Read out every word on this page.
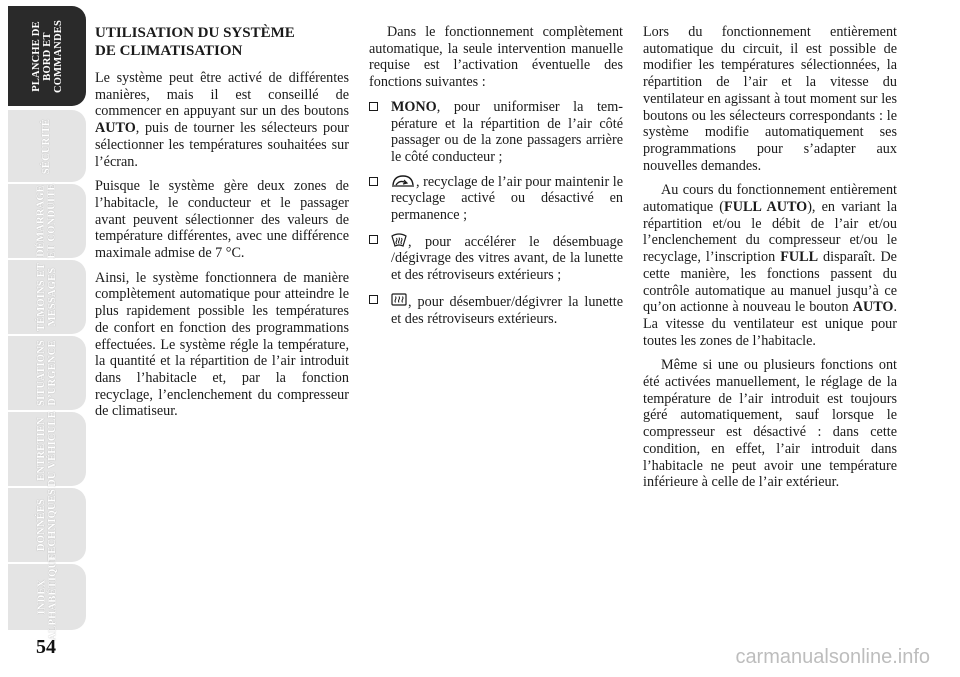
PLANCHE DE
BORD ET
COMMANDES
SÉCURITÉ
DÉMARRAGE
ET CONDUITE
TÉMOINS ET
MESSAGES
SITUATIONS
D’URGENCE
ENTRETIEN
DU VÉHICULE
DONNÉES
TECHNIQUES
INDEX
ALPHABÉTIQUE
54
UTILISATION DU SYSTÈME
DE CLIMATISATION

Le système peut être activé de différentes manières, mais il est conseillé de commencer en appuyant sur un des boutons AUTO, puis de tourner les sélecteurs pour sélectionner les températures souhaitées sur l’écran.

Puisque le système gère deux zones de l’habitacle, le conducteur et le passager avant peuvent sélectionner des valeurs de température différentes, avec une différence maximale admise de 7 °C.

Ainsi, le système fonctionnera de manière complètement automatique pour atteindre le plus rapidement possible les températures de confort en fonction des programmations effectuées. Le système régle la température, la quantité et la répartition de l’air introduit dans l’habitacle et, par la fonction recyclage, l’enclenchement du compresseur de climatiseur.

Dans le fonctionnement complètement automatique, la seule intervention manuelle requise est l’activation éventuelle des fonctions suivantes :

MONO, pour uniformiser la température et la répartition de l’air côté passager ou de la zone passagers arrière le côté conducteur ;
, recyclage de l’air pour maintenir le recyclage activé ou désactivé en permanence ;
, pour accélérer le désembuage /dégivrage des vitres avant, de la lunette et des rétroviseurs extérieurs ;
, pour désembuer/dégivrer la lunette et des rétroviseurs extérieurs.

Lors du fonctionnement entièrement automatique du circuit, il est possible de modifier les températures sélectionnées, la répartition de l’air et la vitesse du ventilateur en agissant à tout moment sur les boutons ou les sélecteurs correspondants : le système modifie automatiquement ses programmations pour s’adapter aux nouvelles demandes.

Au cours du fonctionnement entièrement automatique (FULL AUTO), en variant la répartition et/ou le débit de l’air et/ou l’enclenchement du compresseur et/ou le recyclage, l’inscription FULL disparaît. De cette manière, les fonctions passent du contrôle automatique au manuel jusqu’à ce qu’on actionne à nouveau le bouton AUTO. La vitesse du ventilateur est unique pour toutes les zones de l’habitacle.

Même si une ou plusieurs fonctions ont été activées manuellement, le réglage de la température de l’air introduit est toujours géré automatiquement, sauf lorsque le compresseur est désactivé : dans cette condition, en effet, l’air introduit dans l’habitacle ne peut avoir une température inférieure à celle de l’air extérieur.

carmanualsonline.info
